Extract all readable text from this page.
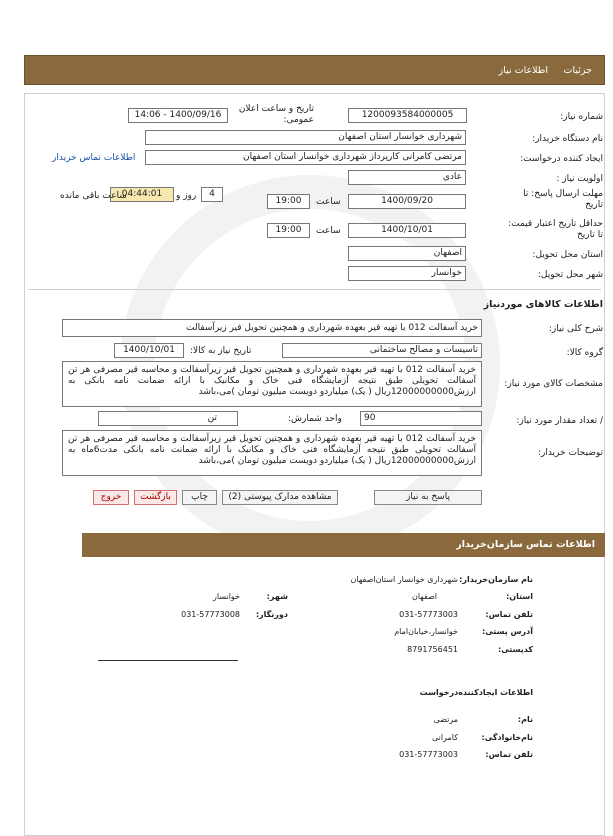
جزئیات
اطلاعات نیاز
شماره نیاز:
1200093584000005
تاریخ و ساعت اعلان عمومی:
1400/09/16 - 14:06
نام دستگاه خریدار:
شهرداری خوانسار استان اصفهان
ایجاد کننده درخواست:
مرتضی کامرانی کارپرداز شهرداری خوانسار استان اصفهان
اطلاعات تماس خریدار
اولویت نیاز :
عادی
مهلت ارسال پاسخ: تا تاریخ
1400/09/20
ساعت
19:00
4
روز و
04:44:01
ساعت باقی مانده
حداقل تاریخ اعتبار قیمت: تا تاریخ
1400/10/01
ساعت
19:00
استان محل تحویل:
اصفهان
شهر محل تحویل:
خوانسار
اطلاعات کالاهای موردنیاز
شرح کلی نیاز:
خرید آسفالت 012 با تهیه قیر بعهده شهرداری و همچنین تحویل قیر زیرآسفالت
گروه کالا:
تاسیسات و مصالح ساختمانی
تاریخ نیاز به کالا:
1400/10/01
مشخصات کالای مورد نیاز:
خرید آسفالت 012 با تهیه قیر بعهده شهرداری و همچنین تحویل قیر زیرآسفالت و محاسبه قیر مصرفی هر تن آسفالت تحویلی طبق نتیجه آزمایشگاه فنی خاک و مکانیک با ارائه ضمانت نامه بانکی به ارزش12000000000ریال ( یک) میلیاردو دویست میلیون تومان )می،باشد
/ تعداد مقدار مورد نیاز:
90
واحد شمارش:
تن
توضیحات خریدار:
خرید آسفالت 012 با تهیه قیر بعهده شهرداری و همچنین تحویل قیر زیرآسفالت و محاسبه قیر مصرفی هر تن آسفالت تحویلی طبق نتیجه آزمایشگاه فنی خاک و مکانیک با ارائه ضمانت نامه بانکی مدت6ماه به ارزش12000000000ریال ( یک) میلیاردو دویست میلیون تومان )می،باشد
پاسخ به نیاز
مشاهده مدارک پیوستی (2)
چاپ
بازگشت
خروج
اطلاعات تماس سازمان‌خریدار
نام سازمان‌خریدار:
شهرداری خوانسار استان‌اصفهان
استان:
اصفهان
شهر:
خوانسار
تلفن تماس:
031-57773003
دورنگار:
031-57773008
آدرس پستی:
خوانسار،خیابان‌امام
کدپستی:
8791756451
اطلاعات ایجادکننده‌درخواست
نام:
مرتضی
نام‌خانوادگی:
کامرانی
تلفن تماس:
031-57773003
